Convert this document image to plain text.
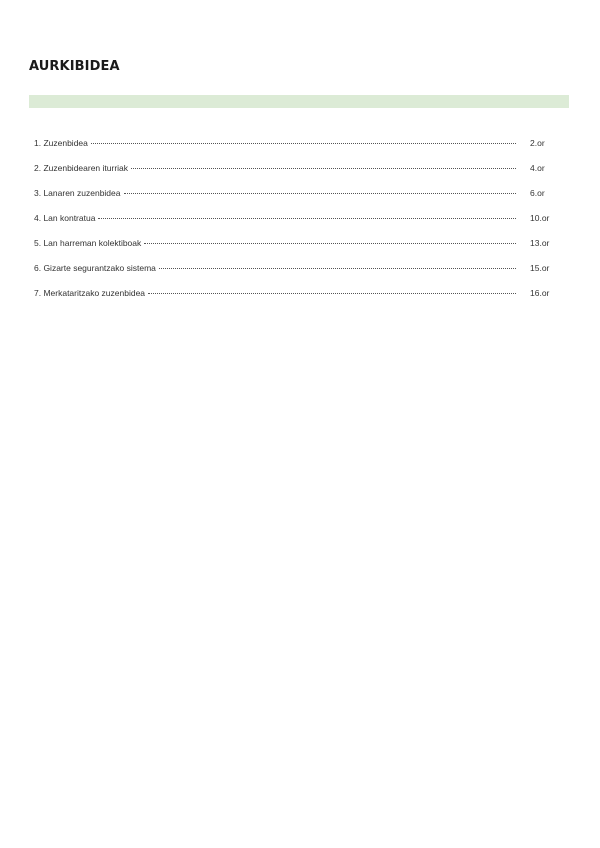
AURKIBIDEA
1. Zuzenbidea	2.or
2. Zuzenbidearen iturriak	4.or
3. Lanaren zuzenbidea	6.or
4. Lan kontratua	10.or
5. Lan harreman kolektiboak	13.or
6. Gizarte segurantzako sistema	15.or
7. Merkataritzako zuzenbidea	16.or
